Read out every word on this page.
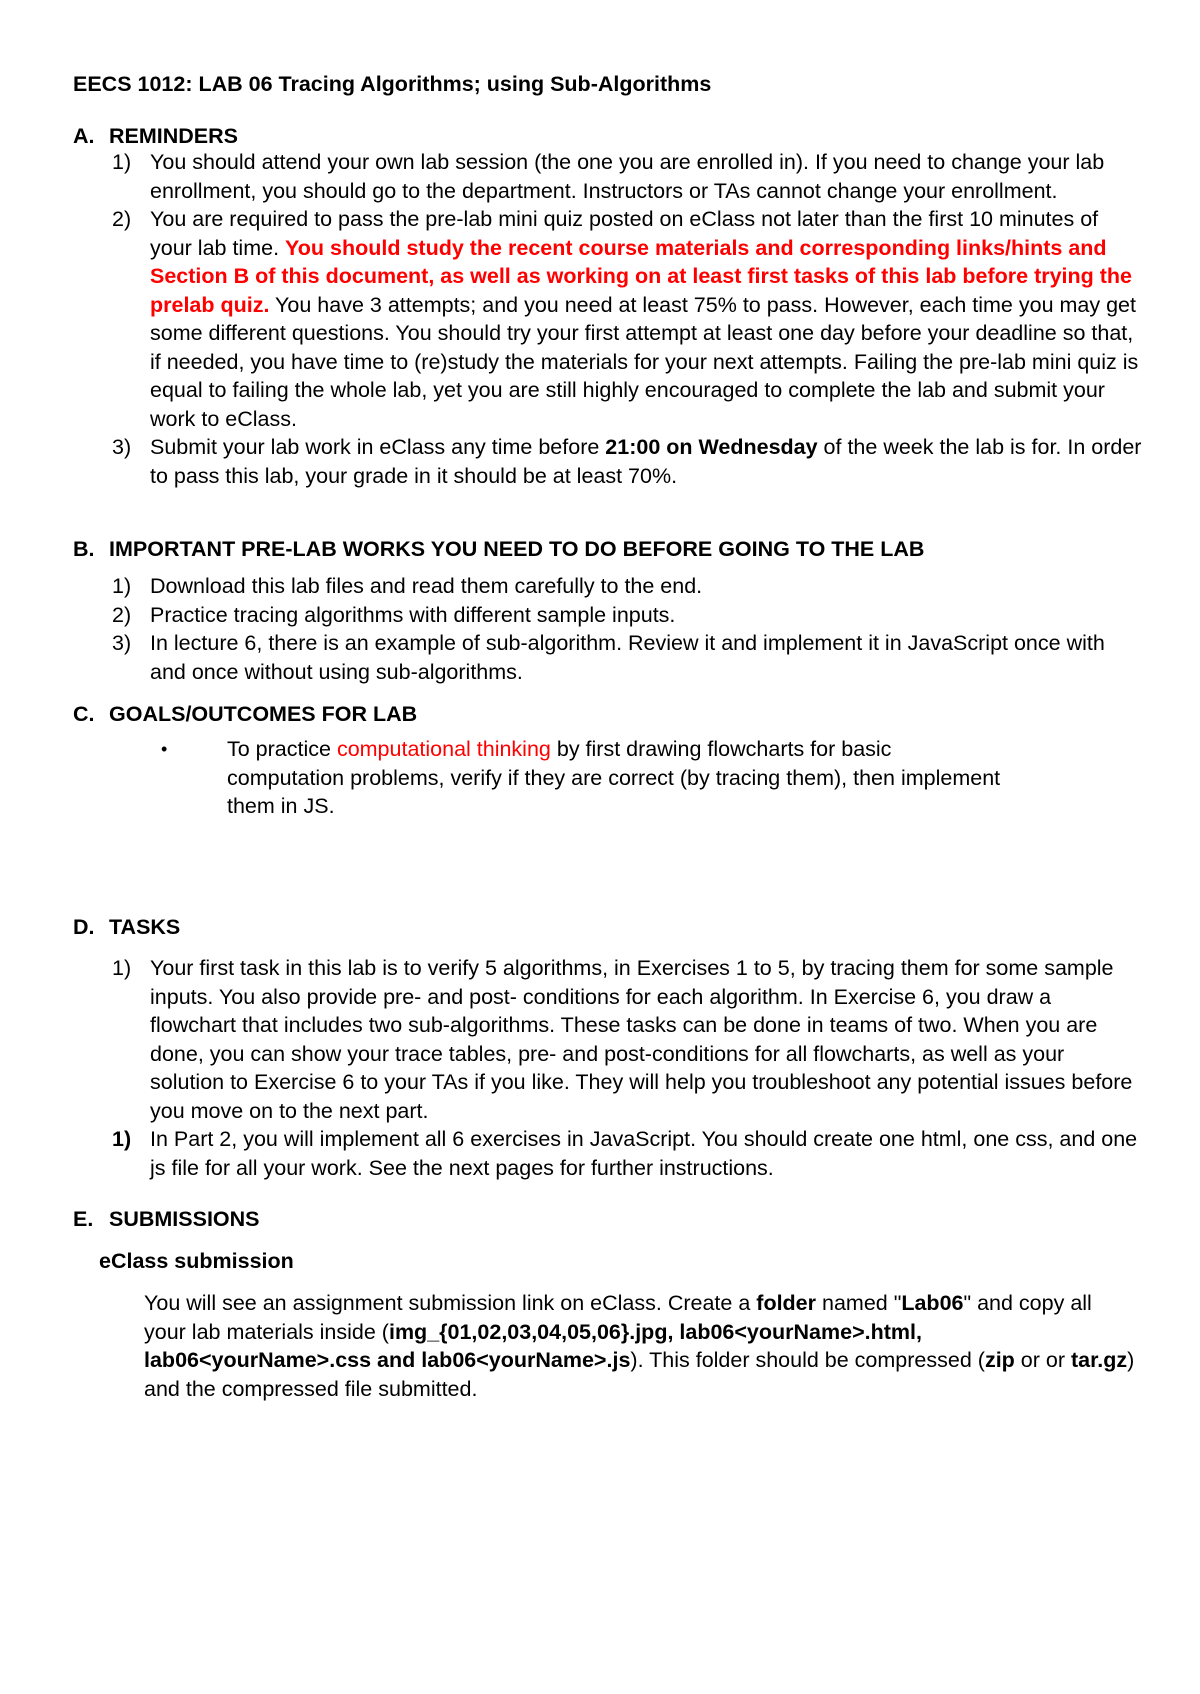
EECS 1012: LAB 06 Tracing Algorithms; using Sub-Algorithms
A. REMINDERS
1) You should attend your own lab session (the one you are enrolled in). If you need to change your lab enrollment, you should go to the department. Instructors or TAs cannot change your enrollment.
2) You are required to pass the pre-lab mini quiz posted on eClass not later than the first 10 minutes of your lab time. You should study the recent course materials and corresponding links/hints and Section B of this document, as well as working on at least first tasks of this lab before trying the prelab quiz. You have 3 attempts; and you need at least 75% to pass. However, each time you may get some different questions. You should try your first attempt at least one day before your deadline so that, if needed, you have time to (re)study the materials for your next attempts. Failing the pre-lab mini quiz is equal to failing the whole lab, yet you are still highly encouraged to complete the lab and submit your work to eClass.
3) Submit your lab work in eClass any time before 21:00 on Wednesday of the week the lab is for. In order to pass this lab, your grade in it should be at least 70%.
B. IMPORTANT PRE-LAB WORKS YOU NEED TO DO BEFORE GOING TO THE LAB
1) Download this lab files and read them carefully to the end.
2) Practice tracing algorithms with different sample inputs.
3) In lecture 6, there is an example of sub-algorithm. Review it and implement it in JavaScript once with and once without using sub-algorithms.
C. GOALS/OUTCOMES FOR LAB
•	To practice computational thinking by first drawing flowcharts for basic computation problems, verify if they are correct (by tracing them), then implement them in JS.
D. TASKS
1) Your first task in this lab is to verify 5 algorithms, in Exercises 1 to 5, by tracing them for some sample inputs. You also provide pre- and post- conditions for each algorithm. In Exercise 6, you draw a flowchart that includes two sub-algorithms. These tasks can be done in teams of two. When you are done, you can show your trace tables, pre- and post-conditions for all flowcharts, as well as your solution to Exercise 6 to your TAs if you like. They will help you troubleshoot any potential issues before you move on to the next part.
1) In Part 2, you will implement all 6 exercises in JavaScript. You should create one html, one css, and one js file for all your work. See the next pages for further instructions.
E. SUBMISSIONS
eClass submission
You will see an assignment submission link on eClass. Create a folder named "Lab06" and copy all your lab materials inside (img_{01,02,03,04,05,06}.jpg, lab06<yourName>.html, lab06<yourName>.css and lab06<yourName>.js). This folder should be compressed (zip or or tar.gz) and the compressed file submitted.
